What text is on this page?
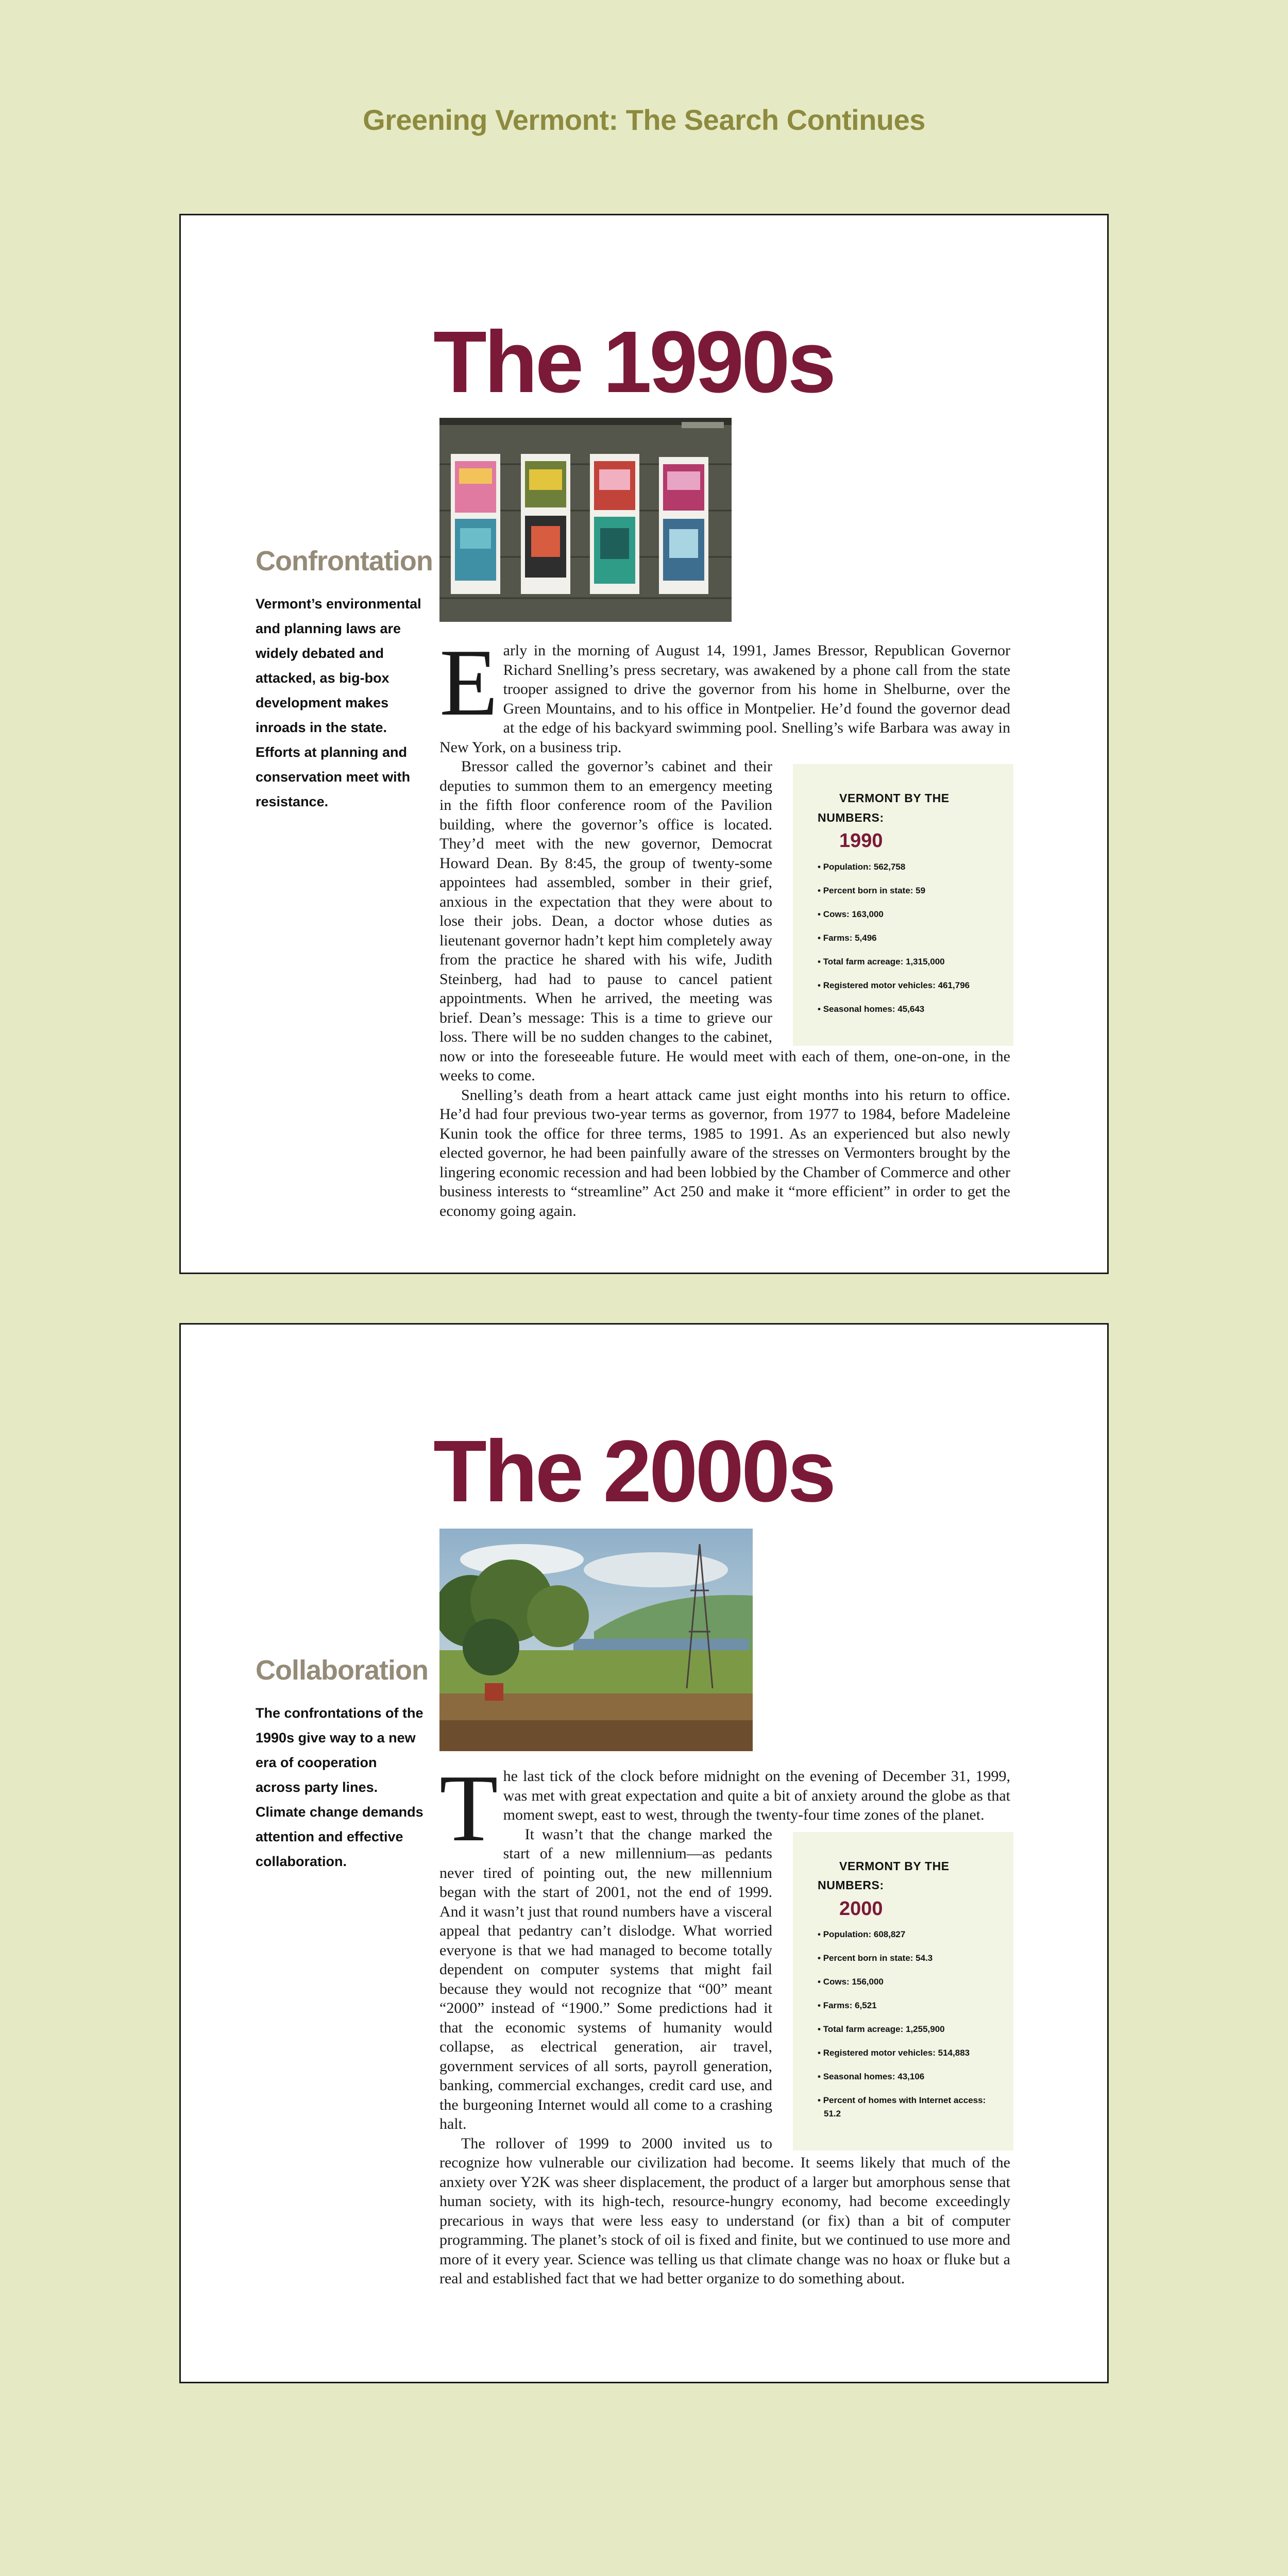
Greening Vermont: The Search Continues
The 1990s
Confrontation

Vermont’s environmental and planning laws are widely debated and attacked, as big-box development makes inroads in the state. Efforts at planning and conservation meet with resistance.

E arly in the morning of August 14, 1991, James Bressor, Republican Governor Richard Snelling’s press secretary, was awakened by a phone call from the state trooper assigned to drive the governor from his home in Shelburne, over the Green Mountains, and to his office in Montpelier. He’d found the governor dead at the edge of his backyard swimming pool. Snelling’s wife Barbara was away in New York, on a business trip.

VERMONT BY THE NUMBERS:
1990
• Population: 562,758
• Percent born in state: 59
• Cows: 163,000
• Farms: 5,496
• Total farm acreage: 1,315,000
• Registered motor vehicles: 461,796
• Seasonal homes: 45,643
Bressor called the governor’s cabinet and their deputies to summon them to an emergency meeting in the fifth floor conference room of the Pavilion building, where the governor’s office is located. They’d meet with the new governor, Democrat Howard Dean. By 8:45, the group of twenty-some appointees had assembled, somber in their grief, anxious in the expectation that they were about to lose their jobs. Dean, a doctor whose duties as lieutenant governor hadn’t kept him completely away from the practice he shared with his wife, Judith Steinberg, had had to pause to cancel patient appointments. When he arrived, the meeting was brief. Dean’s message: This is a time to grieve our loss. There will be no sudden changes to the cabinet, now or into the foreseeable future. He would meet with each of them, one-on-one, in the weeks to come.

Snelling’s death from a heart attack came just eight months into his return to office. He’d had four previous two-year terms as governor, from 1977 to 1984, before Madeleine Kunin took the office for three terms, 1985 to 1991. As an experienced but also newly elected governor, he had been painfully aware of the stresses on Vermonters brought by the lingering economic recession and had been lobbied by the Chamber of Commerce and other business interests to “streamline” Act 250 and make it “more efficient” in order to get the economy going again.

The 2000s
Collaboration

The confrontations of the 1990s give way to a new era of cooperation across party lines. Climate change demands attention and effective collaboration. T he last tick of the clock before midnight on the evening of December 31, 1999, was met with great expectation and quite a bit of anxiety around the globe as that moment swept, east to west, through the twenty-four time zones of the planet.

VERMONT BY THE NUMBERS:
2000
• Population: 608,827
• Percent born in state: 54.3
• Cows: 156,000
• Farms: 6,521
• Total farm acreage: 1,255,900
• Registered motor vehicles: 514,883
• Seasonal homes: 43,106
• Percent of homes with Internet access: 51.2
It wasn’t that the change marked the start of a new millennium—as pedants never tired of pointing out, the new millennium began with the start of 2001, not the end of 1999. And it wasn’t just that round numbers have a visceral appeal that pedantry can’t dislodge. What worried everyone is that we had managed to become totally dependent on computer systems that might fail because they would not recognize that “00” meant “2000” instead of “1900.” Some predictions had it that the economic systems of humanity would collapse, as electrical generation, air travel, government services of all sorts, payroll generation, banking, commercial exchanges, credit card use, and the burgeoning Internet would all come to a crashing halt.

The rollover of 1999 to 2000 invited us to recognize how vulnerable our civilization had become. It seems likely that much of the anxiety over Y2K was sheer displacement, the product of a larger but amorphous sense that human society, with its high-tech, resource-hungry economy, had become exceedingly precarious in ways that were less easy to understand (or fix) than a bit of computer programming. The planet’s stock of oil is fixed and finite, but we continued to use more and more of it every year. Science was telling us that climate change was no hoax or fluke but a real and established fact that we had better organize to do something about.
